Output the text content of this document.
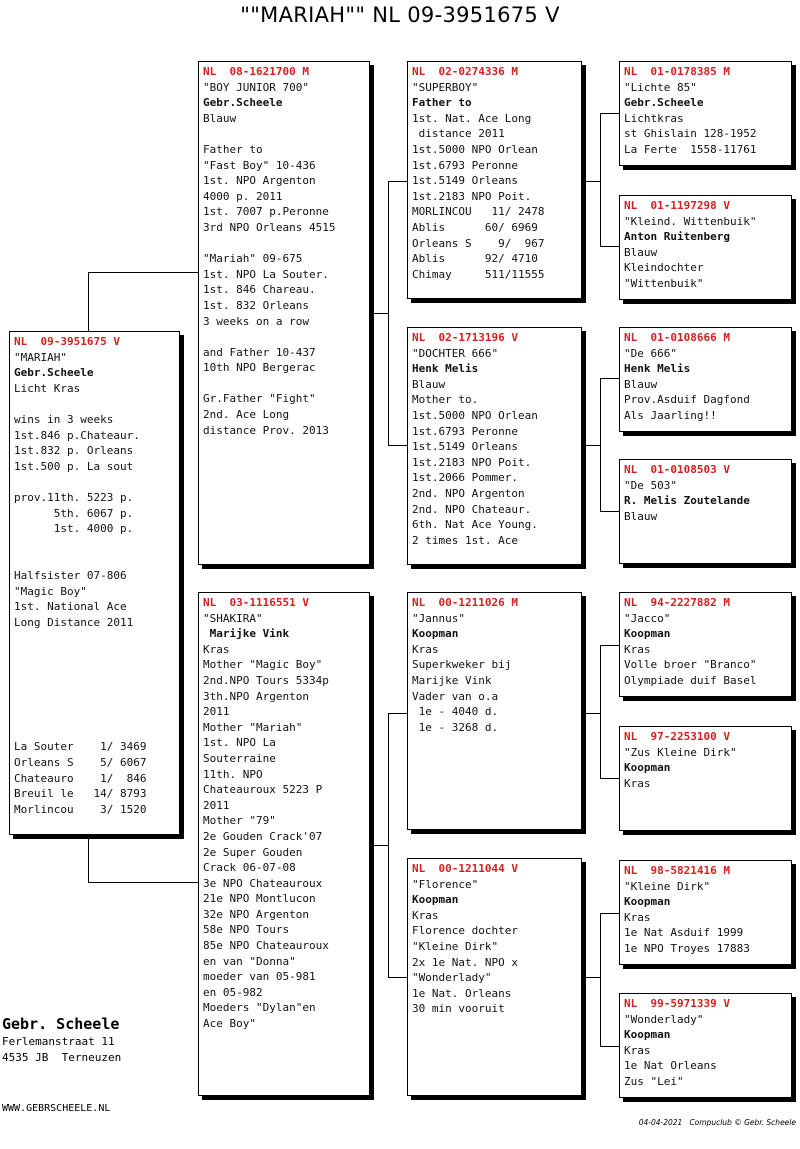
""MARIAH"" NL 09-3951675 V
NL  09-3951675 V
"MARIAH"
Gebr.Scheele
Licht Kras
wins in 3 weeks
1st.846 p.Chateaur.
1st.832 p. Orleans
1st.500 p. La sout
prov.11th. 5223 p.
5th. 6067 p.
1st. 4000 p.
Halfsister 07-806
"Magic Boy"
1st. National Ace
Long Distance 2011
La Souter    1/ 3469
Orleans S    5/ 6067
Chateauro    1/  846
Breuil le   14/ 8793
Morlincou    3/ 1520
NL  08-1621700 M
"BOY JUNIOR 700"
Gebr.Scheele
Blauw
Father to
"Fast Boy" 10-436
1st. NPO Argenton
4000 p. 2011
1st. 7007 p.Peronne
3rd NPO Orleans 4515
"Mariah" 09-675
1st. NPO La Souter.
1st. 846 Chareau.
1st. 832 Orleans
3 weeks on a row
and Father 10-437
10th NPO Bergerac
Gr.Father "Fight"
2nd. Ace Long
distance Prov. 2013
NL  03-1116551 V
"SHAKIRA"
Marijke Vink
Kras
Mother "Magic Boy"
2nd.NPO Tours 5334p
3th.NPO Argenton
2011
Mother "Mariah"
1st. NPO La
Souterraine
11th. NPO
Chateauroux 5223 P
2011
Mother "79"
2e Gouden Crack'07
2e Super Gouden
Crack 06-07-08
3e NPO Chateauroux
21e NPO Montlucon
32e NPO Argenton
58e NPO Tours
85e NPO Chateauroux
en van "Donna"
moeder van 05-981
en 05-982
Moeders "Dylan"en
Ace Boy"
NL  02-0274336 M
"SUPERBOY"
Father to
1st. Nat. Ace Long
distance 2011
1st.5000 NPO Orlean
1st.6793 Peronne
1st.5149 Orleans
1st.2183 NPO Poit.
MORLINCOU   11/ 2478
Ablis      60/ 6969
Orleans S    9/  967
Ablis      92/ 4710
Chimay     511/11555
NL  02-1713196 V
"DOCHTER 666"
Henk Melis
Blauw
Mother to.
1st.5000 NPO Orlean
1st.6793 Peronne
1st.5149 Orleans
1st.2183 NPO Poit.
1st.2066 Pommer.
2nd. NPO Argenton
2nd. NPO Chateaur.
6th. Nat Ace Young.
2 times 1st. Ace
NL  00-1211026 M
"Jannus"
Koopman
Kras
Superkweker bij
Marijke Vink
Vader van o.a
1e - 4040 d.
1e - 3268 d.
NL  00-1211044 V
"Florence"
Koopman
Kras
Florence dochter
"Kleine Dirk"
2x 1e Nat. NPO x
"Wonderlady"
1e Nat. Orleans
30 min vooruit
NL  01-0178385 M
"Lichte 85"
Gebr.Scheele
Lichtkras
st Ghislain 128-1952
La Ferte  1558-11761
NL  01-1197298 V
"Kleind. Wittenbuik"
Anton Ruitenberg
Blauw
Kleindochter
"Wittenbuik"
NL  01-0108666 M
"De 666"
Henk Melis
Blauw
Prov.Asduif Dagfond
Als Jaarling!!
NL  01-0108503 V
"De 503"
R. Melis Zoutelande
Blauw
NL  94-2227882 M
"Jacco"
Koopman
Kras
Volle broer "Branco"
Olympiade duif Basel
NL  97-2253100 V
"Zus Kleine Dirk"
Koopman
Kras
NL  98-5821416 M
"Kleine Dirk"
Koopman
Kras
1e Nat Asduif 1999
1e NPO Troyes 17883
NL  99-5971339 V
"Wonderlady"
Koopman
Kras
1e Nat Orleans
Zus "Lei"
Gebr. Scheele
Ferlemanstraat 11
4535 JB  Terneuzen
WWW.GEBRSCHEELE.NL
04-04-2021   Compuclub © Gebr. Scheele
